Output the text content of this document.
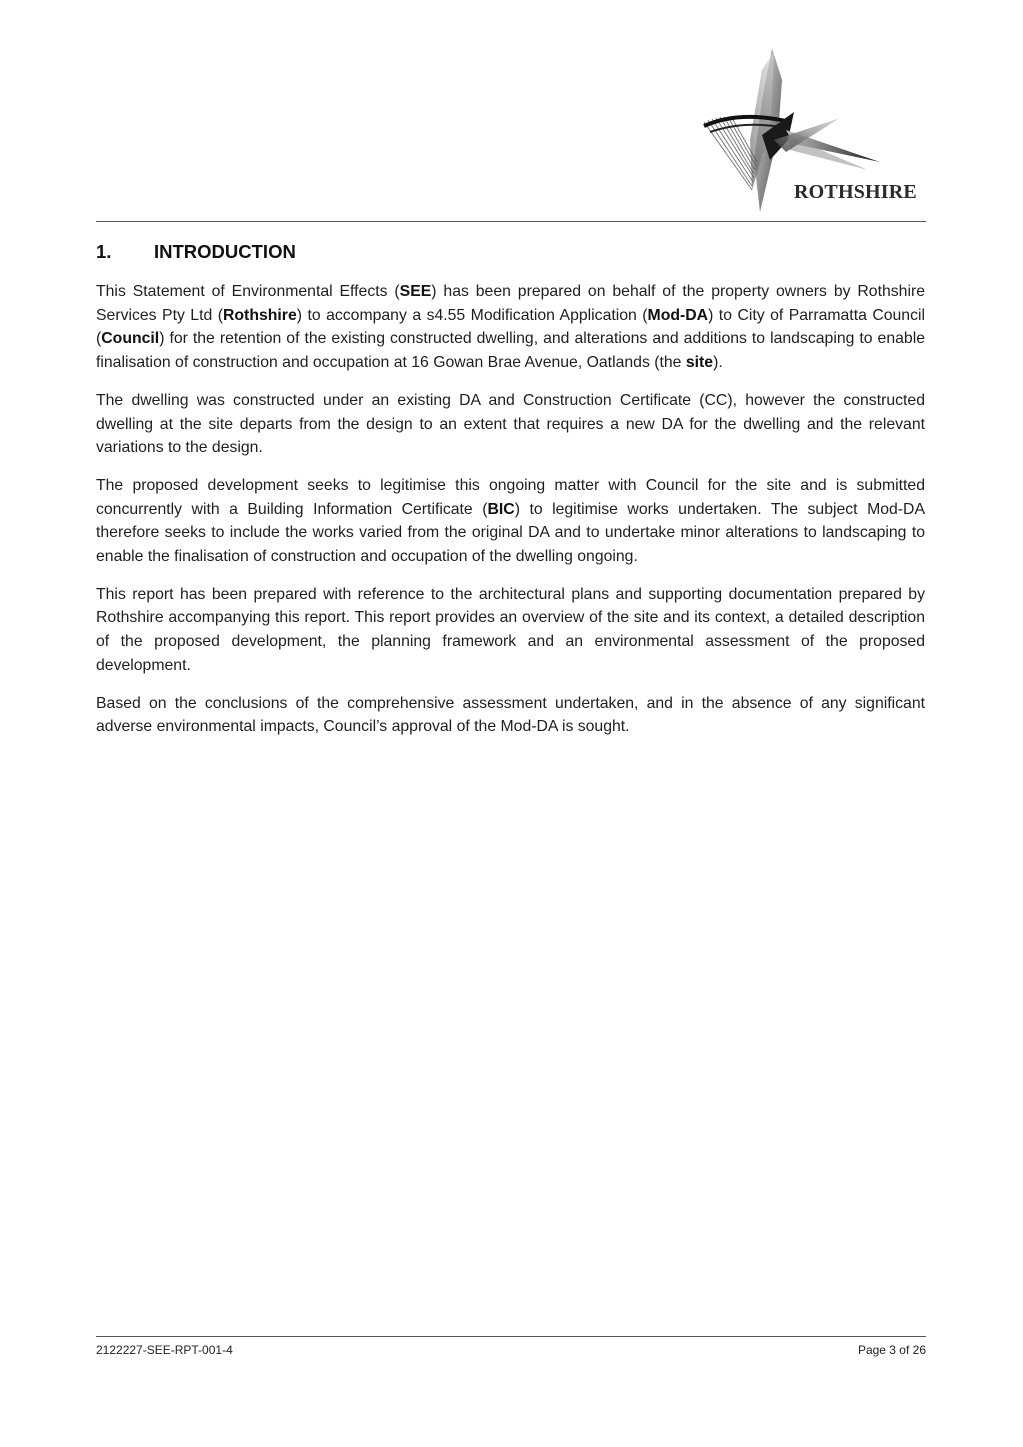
ROTHSHIRE
1. INTRODUCTION

This Statement of Environmental Effects (SEE) has been prepared on behalf of the property owners by Rothshire Services Pty Ltd (Rothshire) to accompany a s4.55 Modification Application (Mod-DA) to City of Parramatta Council (Council) for the retention of the existing constructed dwelling, and alterations and additions to landscaping to enable finalisation of construction and occupation at 16 Gowan Brae Avenue, Oatlands (the site).

The dwelling was constructed under an existing DA and Construction Certificate (CC), however the constructed dwelling at the site departs from the design to an extent that requires a new DA for the dwelling and the relevant variations to the design.

The proposed development seeks to legitimise this ongoing matter with Council for the site and is submitted concurrently with a Building Information Certificate (BIC) to legitimise works undertaken. The subject Mod-DA therefore seeks to include the works varied from the original DA and to undertake minor alterations to landscaping to enable the finalisation of construction and occupation of the dwelling ongoing.

This report has been prepared with reference to the architectural plans and supporting documentation prepared by Rothshire accompanying this report. This report provides an overview of the site and its context, a detailed description of the proposed development, the planning framework and an environmental assessment of the proposed development.

Based on the conclusions of the comprehensive assessment undertaken, and in the absence of any significant adverse environmental impacts, Council’s approval of the Mod-DA is sought.

2122227-SEE-RPT-001-4	Page 3 of 26
